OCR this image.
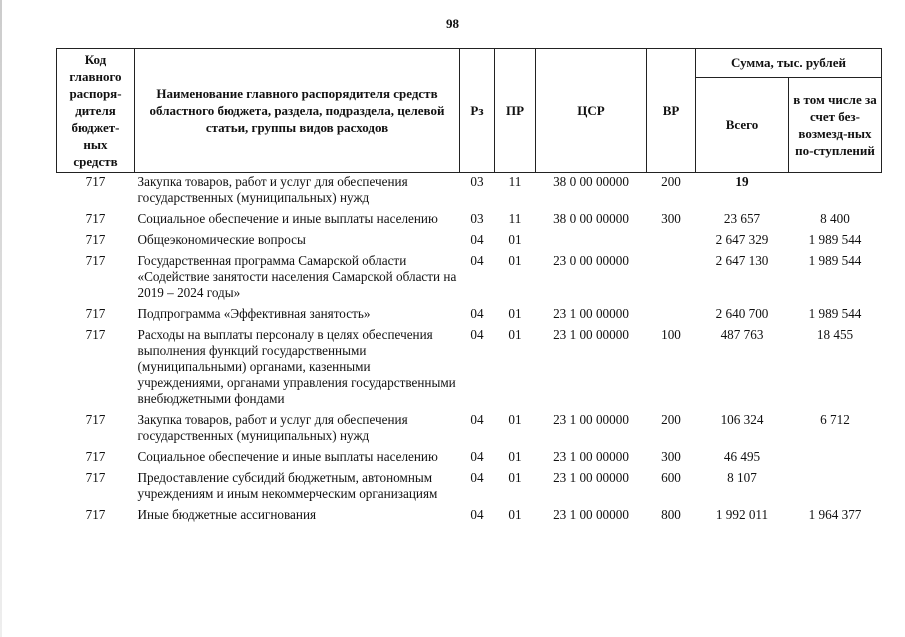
98
Код главного распоря-дителя бюджет-ных средств	Наименование главного распорядителя средств областного бюджета, раздела, подраздела, целевой статьи, группы видов расходов	Рз	ПР	ЦСР	ВР	Сумма, тыс. рублей	
						Всего	в том числе за счет без-возмезд-ных по-ступлений
717	Закупка товаров, работ и услуг для обеспечения государственных (муниципальных) нужд	03	11	38 0 00 00000	200	19	
717	Социальное обеспечение и иные выплаты населению	03	11	38 0 00 00000	300	23 657	8 400
717	Общеэкономические вопросы	04	01			2 647 329	1 989 544
717	Государственная программа Самарской области «Содействие занятости населения Самарской области на 2019 – 2024 годы»	04	01	23 0 00 00000		2 647 130	1 989 544
717	Подпрограмма «Эффективная занятость»	04	01	23 1 00 00000		2 640 700	1 989 544
717	Расходы на выплаты персоналу в целях обеспечения выполнения функций государственными (муниципальными) органами, казенными учреждениями, органами управления государственными внебюджетными фондами	04	01	23 1 00 00000	100	487 763	18 455
717	Закупка товаров, работ и услуг для обеспечения государственных (муниципальных) нужд	04	01	23 1 00 00000	200	106 324	6 712
717	Социальное обеспечение и иные выплаты населению	04	01	23 1 00 00000	300	46 495	
717	Предоставление субсидий бюджетным, автономным учреждениям и иным некоммерческим организациям	04	01	23 1 00 00000	600	8 107	
717	Иные бюджетные ассигнования	04	01	23 1 00 00000	800	1 992 011	1 964 377
